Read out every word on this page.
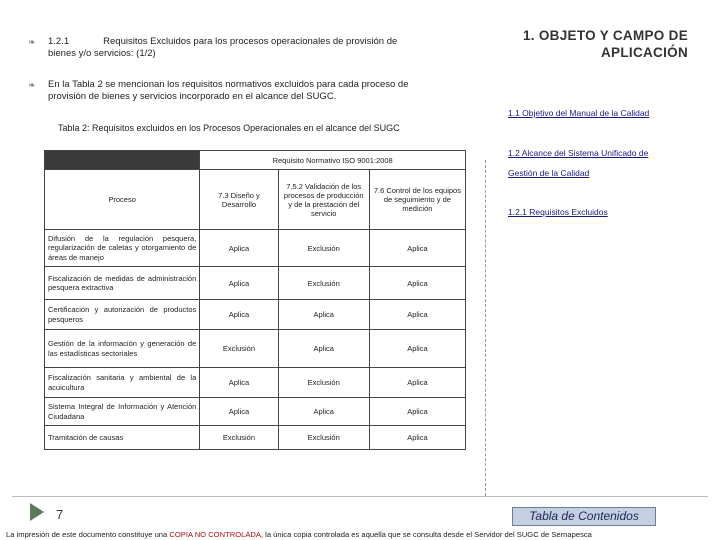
❧ 1.2.1	Requisitos Excluidos para los procesos operacionales de provisión de
bienes y/o servicios: (1/2)
❧ En la Tabla 2 se mencionan los requisitos normativos excluidos para cada proceso de
provisión de bienes y servicios incorporado en el alcance del SUGC.
1. OBJETO Y CAMPO DE
APLICACIÓN
1.1 Objetivo del Manual de la Calidad
1.2 Alcance del Sistema Unificado de
Gestión de la Calidad
1.2.1 Requisitos Excluidos
Tabla 2: Requisitos excluidos en los Procesos Operacionales en el alcance del SUGC
	Requisito Normativo ISO 9001:2008		
Proceso	7.3 Diseño y Desarrollo	7.5.2 Validación de los procesos de producción y de la prestación del servicio	7.6 Control de los equipos de seguimiento y de medición
Difusión de la regulación pesquera, regularización de caletas y otorgamiento de áreas de manejo	Aplica	Exclusión	Aplica
Fiscalización de medidas de administración pesquera extractiva	Aplica	Exclusión	Aplica
Certificación y autorización de productos pesqueros	Aplica	Aplica	Aplica
Gestión de la información y generación de las estadísticas sectoriales	Exclusión	Aplica	Aplica
Fiscalización sanitaria y ambiental de la acuicultura	Aplica	Exclusión	Aplica
Sistema Integral de Información y Atención Ciudadana	Aplica	Aplica	Aplica
Tramitación de causas	Exclusión	Exclusión	Aplica
7	Tabla de Contenidos
La impresión de este documento constituye una COPIA NO CONTROLADA, la única copia controlada es aquella que se consulta desde el Servidor del SUGC de Sernapesca
